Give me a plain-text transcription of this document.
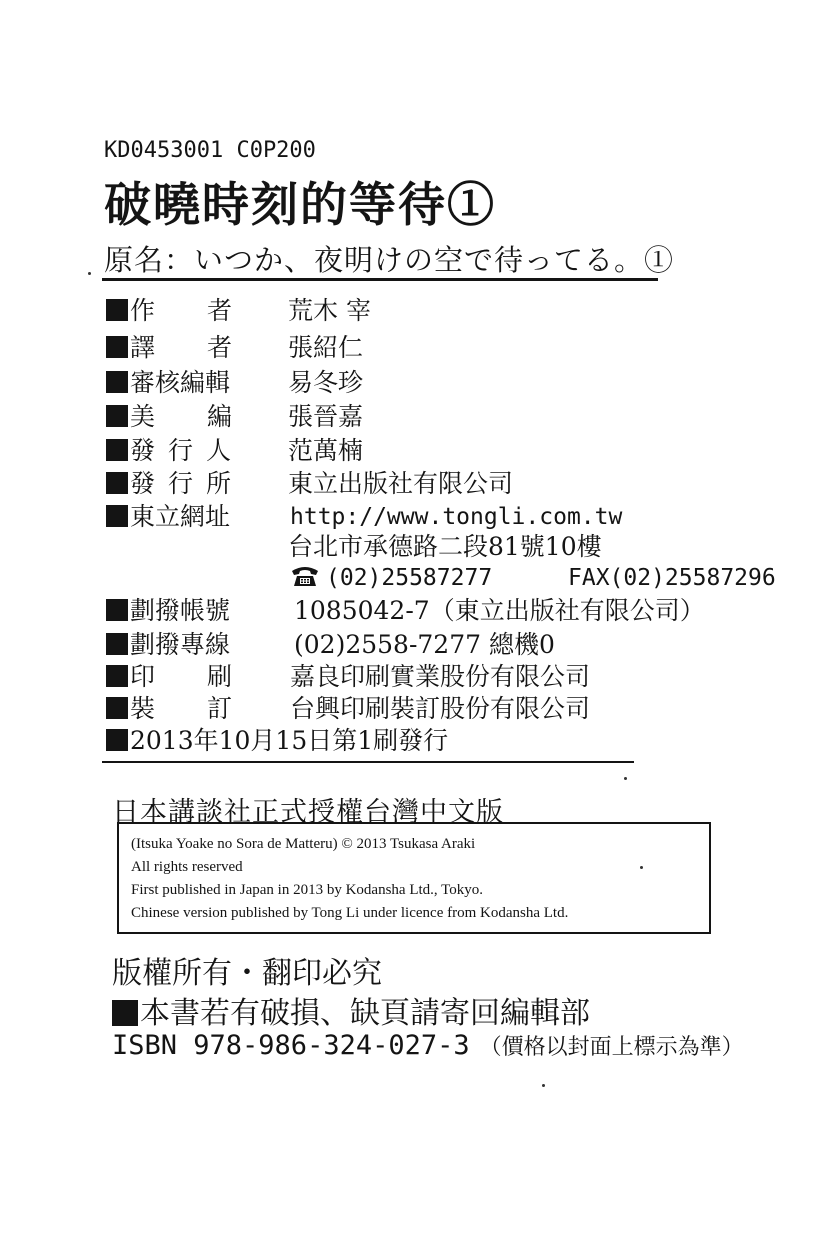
KD0453001 C0P200
破曉時刻的等待①
原名：いつか、夜明けの空で待ってる。①
作者 荒木 宰
譯者 張紹仁
審核編輯 易冬珍
美編 張晉嘉
發行人 范萬楠
發行所 東立出版社有限公司
東立網址	http://www.tongli.com.tw
台北市承德路二段81號10樓
(02)25587277	FAX(02)25587296
劃撥帳號	1085042-7（東立出版社有限公司）
劃撥專線	(02)2558-7277 總機0
印刷 嘉良印刷實業股份有限公司
裝訂 台興印刷裝訂股份有限公司
2013年10月15日第1刷發行
日本講談社正式授權台灣中文版
(Itsuka Yoake no Sora de Matteru) © 2013 Tsukasa Araki
All rights reserved
First published in Japan in 2013 by Kodansha Ltd., Tokyo.
Chinese version published by Tong Li under licence from Kodansha Ltd.
版權所有・翻印必究
本書若有破損、缺頁請寄回編輯部
ISBN 978-986-324-027-3 （價格以封面上標示為準）
